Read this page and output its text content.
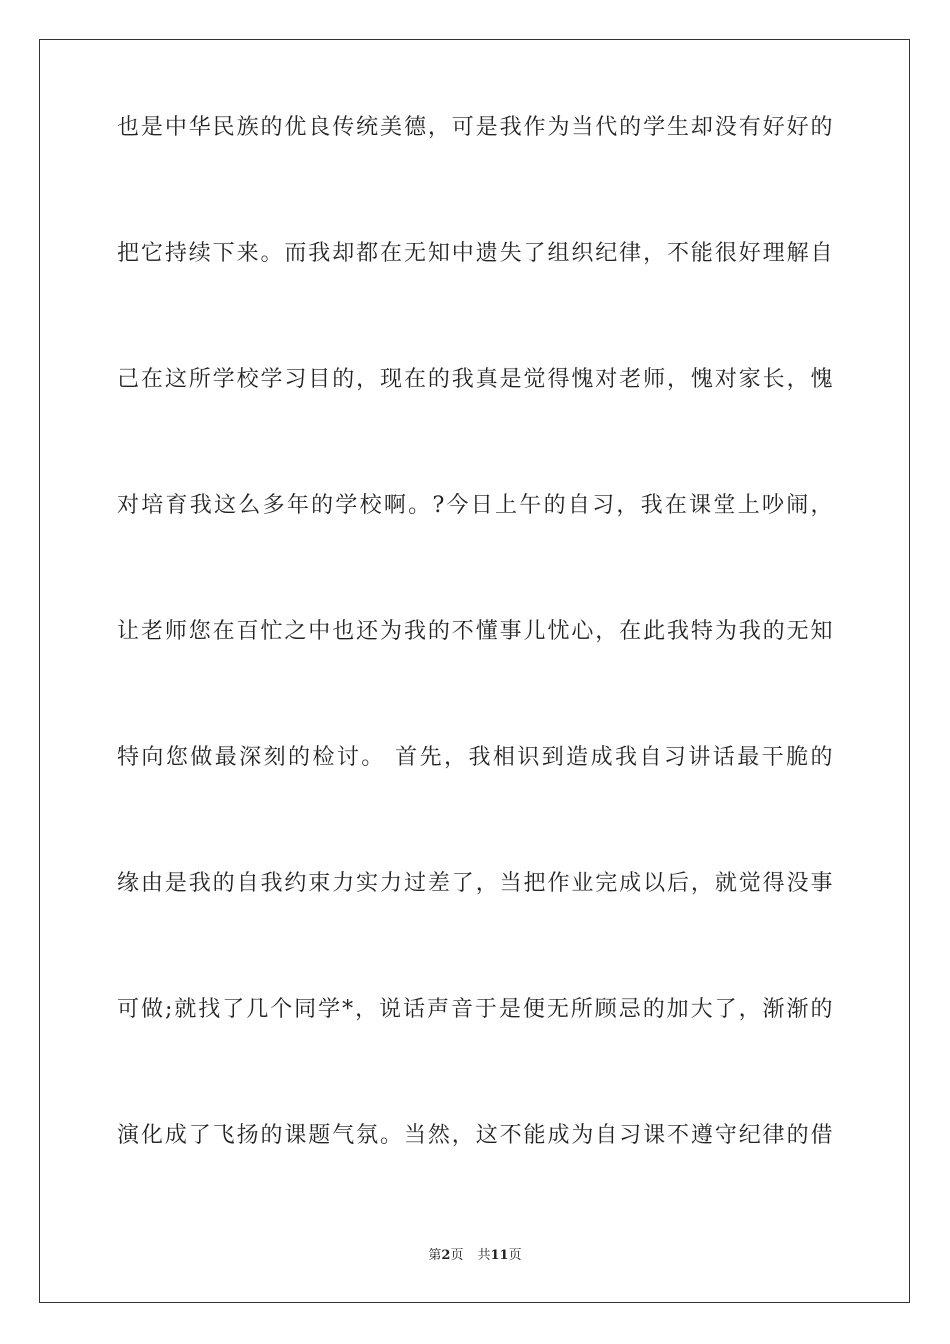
也是中华民族的优良传统美德，可是我作为当代的学生却没有好好的
把它持续下来。而我却都在无知中遗失了组织纪律，不能很好理解自
己在这所学校学习目的，现在的我真是觉得愧对老师，愧对家长，愧
对培育我这么多年的学校啊。?今日上午的自习，我在课堂上吵闹，
让老师您在百忙之中也还为我的不懂事儿忧心，在此我特为我的无知
特向您做最深刻的检讨。 首先，我相识到造成我自习讲话最干脆的
缘由是我的自我约束力实力过差了，当把作业完成以后，就觉得没事
可做;就找了几个同学*，说话声音于是便无所顾忌的加大了，渐渐的
演化成了飞扬的课题气氛。当然，这不能成为自习课不遵守纪律的借
第2页 共11页
